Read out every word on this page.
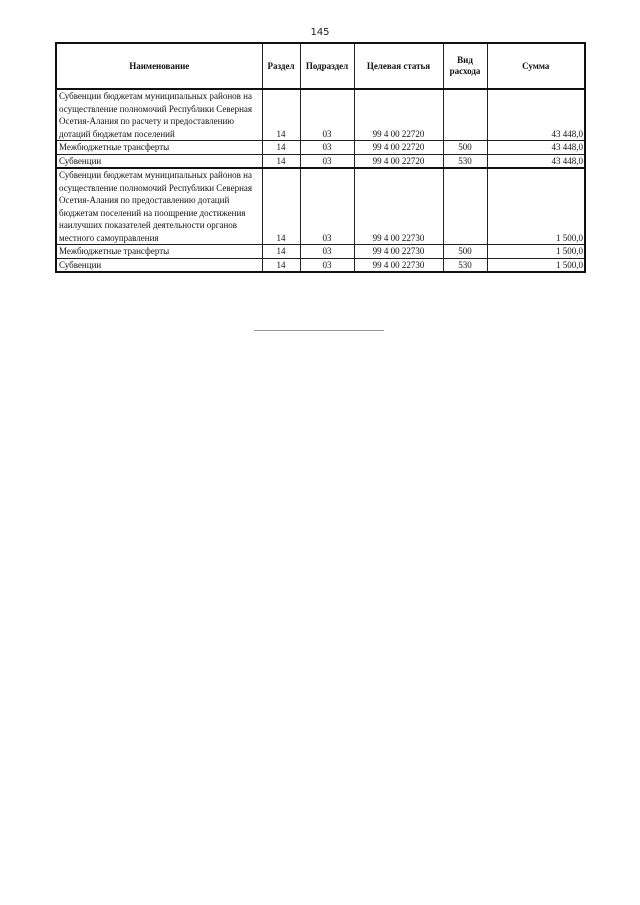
145
Наименование	Раздел	Подраздел	Целевая статья	Вид расхода	Сумма
Субвенции бюджетам муниципальных районов на осуществление полномочий Республики Северная Осетия-Алания по расчету и предоставлению дотаций бюджетам поселений	14	03	99 4 00 22720		43 448,0
Межбюджетные трансферты	14	03	99 4 00 22720	500	43 448,0
Субвенции	14	03	99 4 00 22720	530	43 448,0
Субвенции бюджетам муниципальных районов на осуществление полномочий Республики Северная Осетия-Алания по предоставлению дотаций бюджетам поселений на поощрение достижения наилучших показателей деятельности органов местного самоуправления	14	03	99 4 00 22730		1 500,0
Межбюджетные трансферты	14	03	99 4 00 22730	500	1 500,0
Субвенции	14	03	99 4 00 22730	530	1 500,0
